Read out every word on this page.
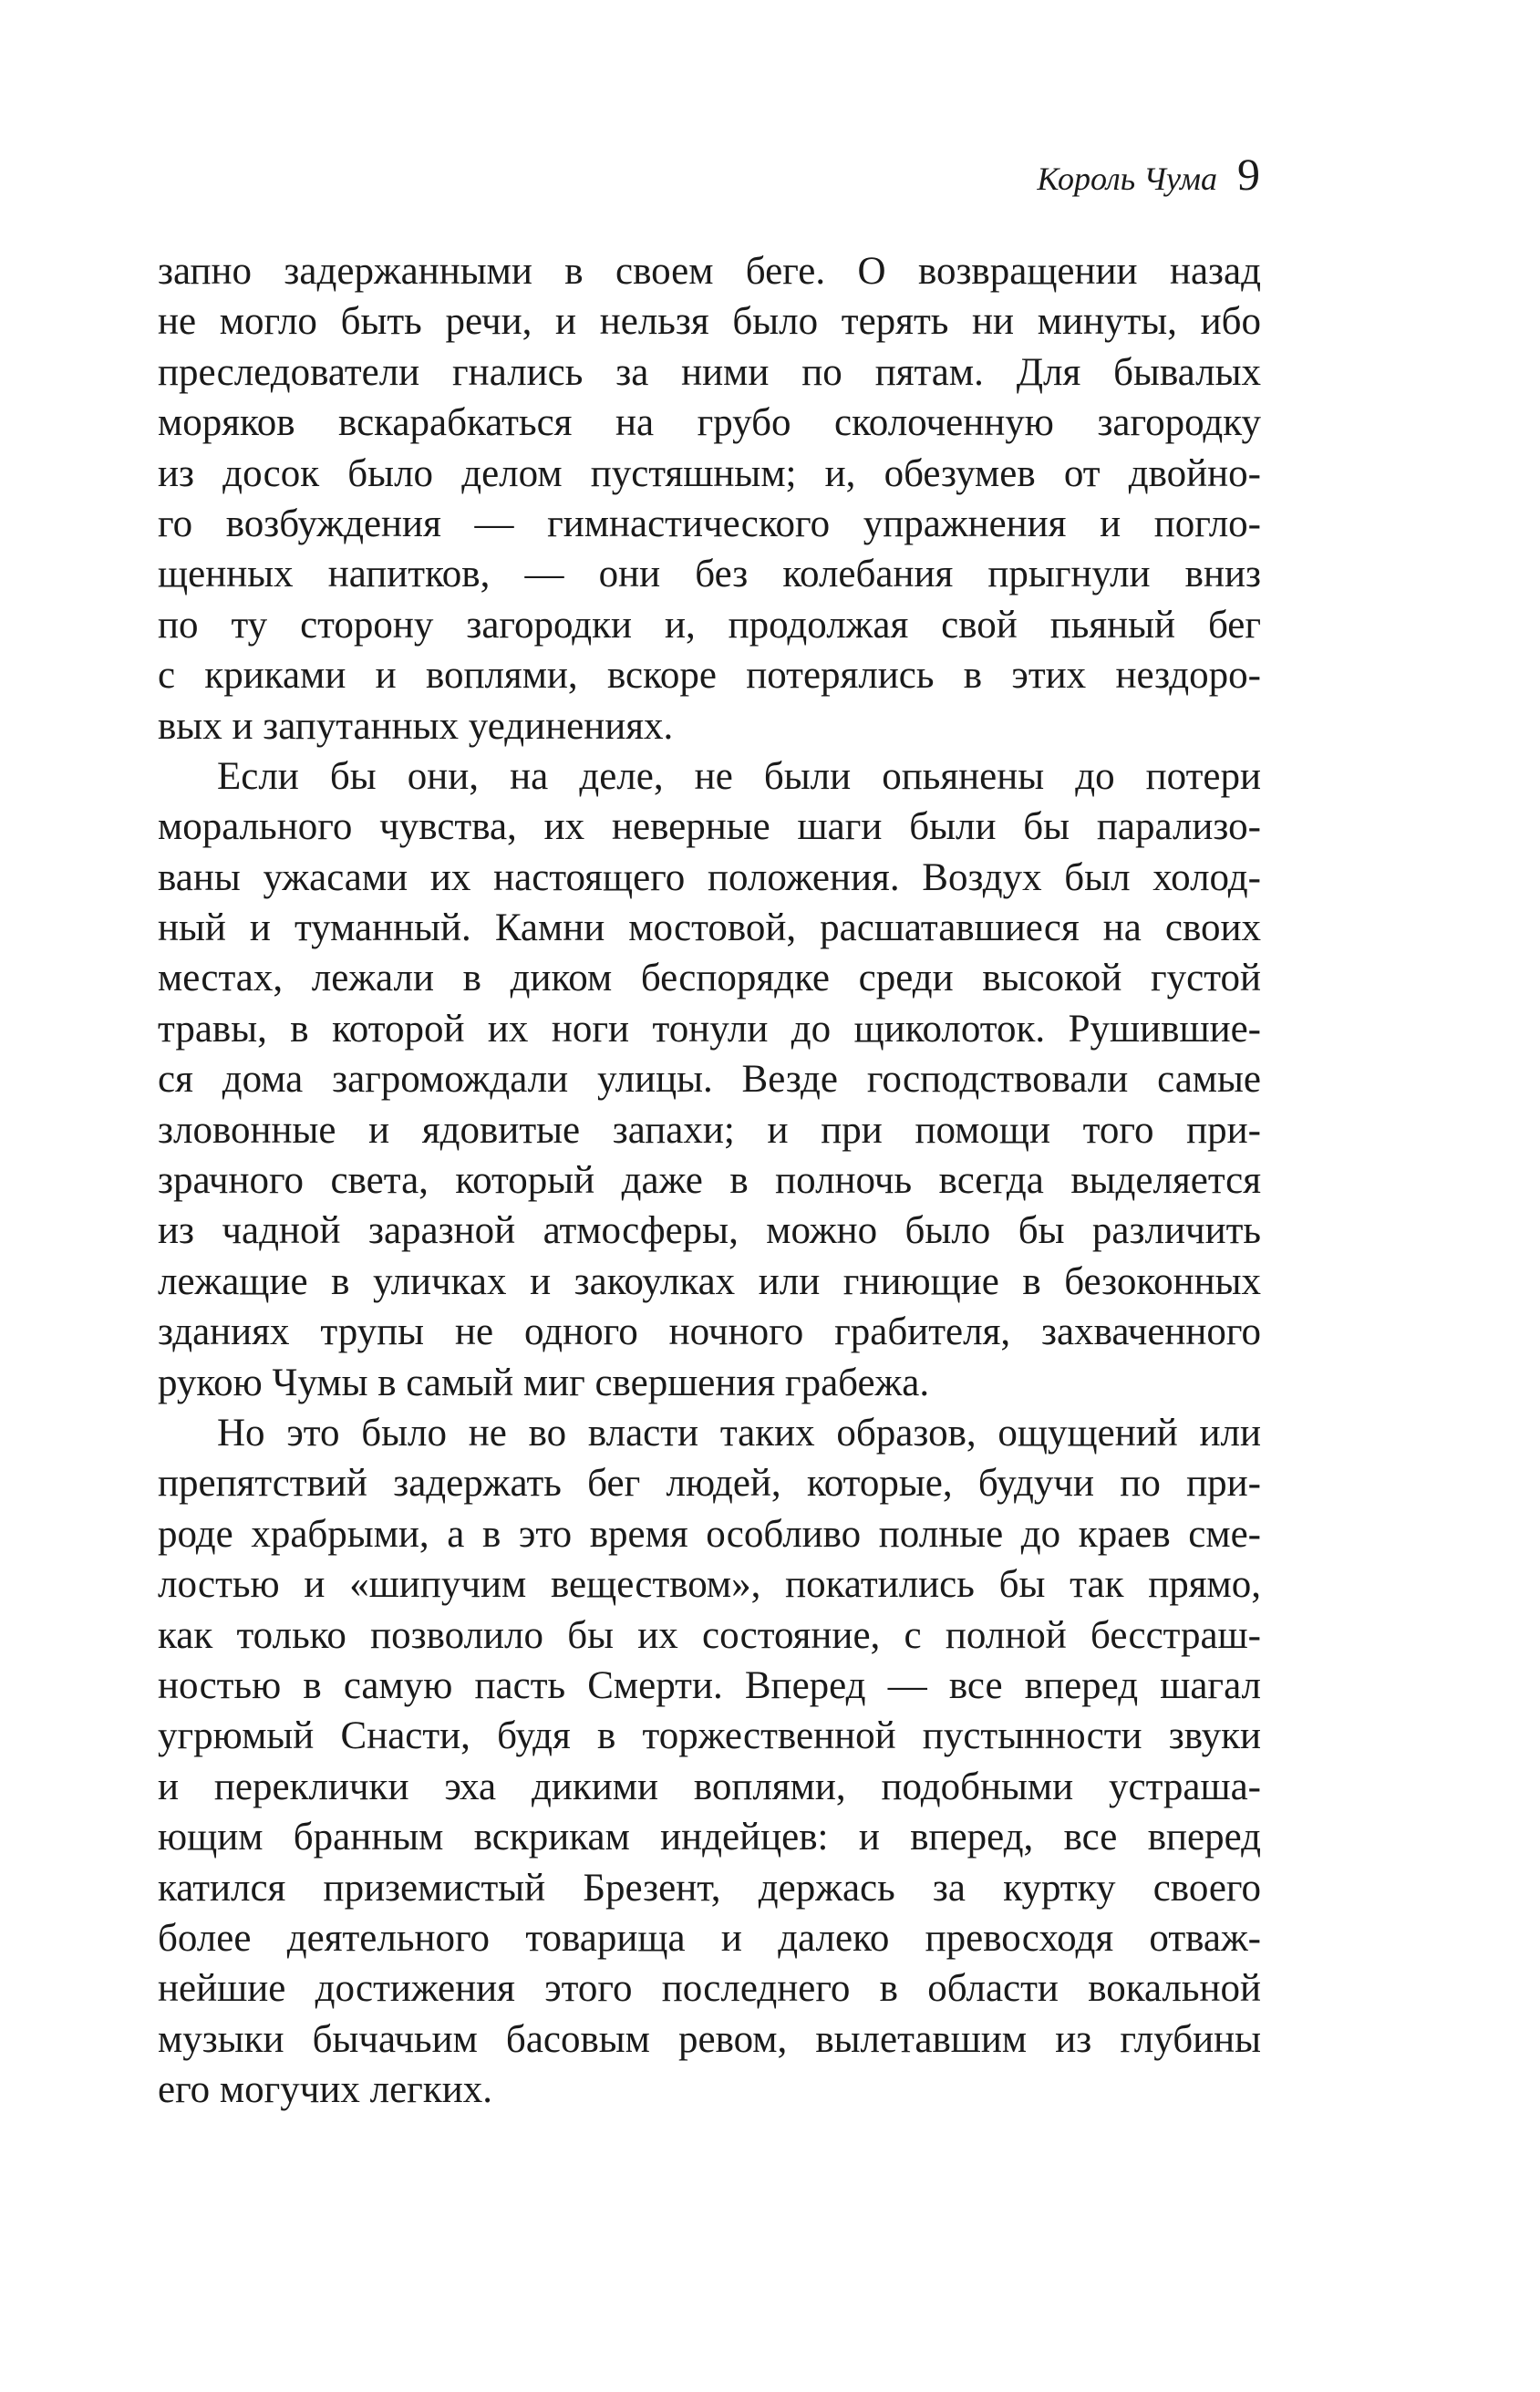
Король Чума 9
запно задержанными в своем беге. О возвращении назад
не могло быть речи, и нельзя было терять ни минуты, ибо
преследователи гнались за ними по пятам. Для бывалых
моряков вскарабкаться на грубо сколоченную загородку
из досок было делом пустяшным; и, обезумев от двойно-
го возбуждения — гимнастического упражнения и погло-
щенных напитков, — они без колебания прыгнули вниз
по ту сторону загородки и, продолжая свой пьяный бег
с криками и воплями, вскоре потерялись в этих нездоро-
вых и запутанных уединениях.
Если бы они, на деле, не были опьянены до потери
морального чувства, их неверные шаги были бы парализо-
ваны ужасами их настоящего положения. Воздух был холод-
ный и туманный. Камни мостовой, расшатавшиеся на своих
местах, лежали в диком беспорядке среди высокой густой
травы, в которой их ноги тонули до щиколоток. Рушившие-
ся дома загромождали улицы. Везде господствовали самые
зловонные и ядовитые запахи; и при помощи того при-
зрачного света, который даже в полночь всегда выделяется
из чадной заразной атмосферы, можно было бы различить
лежащие в уличках и закоулках или гниющие в безоконных
зданиях трупы не одного ночного грабителя, захваченного
рукою Чумы в самый миг свершения грабежа.
Но это было не во власти таких образов, ощущений или
препятствий задержать бег людей, которые, будучи по при-
роде храбрыми, а в это время особливо полные до краев сме-
лостью и «шипучим веществом», покатились бы так прямо,
как только позволило бы их состояние, с полной бесстраш-
ностью в самую пасть Смерти. Вперед — все вперед шагал
угрюмый Снасти, будя в торжественной пустынности звуки
и переклички эха дикими воплями, подобными устраша-
ющим бранным вскрикам индейцев: и вперед, все вперед
катился приземистый Брезент, держась за куртку своего
более деятельного товарища и далеко превосходя отваж-
нейшие достижения этого последнего в области вокальной
музыки бычачьим басовым ревом, вылетавшим из глубины
его могучих легких.
